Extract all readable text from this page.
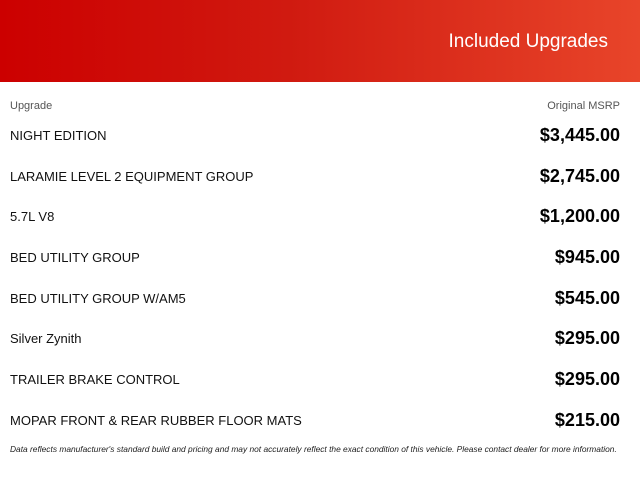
Included Upgrades
Upgrade	Original MSRP
NIGHT EDITION	$3,445.00
LARAMIE LEVEL 2 EQUIPMENT GROUP	$2,745.00
5.7L V8	$1,200.00
BED UTILITY GROUP	$945.00
BED UTILITY GROUP W/AM5	$545.00
Silver Zynith	$295.00
TRAILER BRAKE CONTROL	$295.00
MOPAR FRONT & REAR RUBBER FLOOR MATS	$215.00
Data reflects manufacturer's standard build and pricing and may not accurately reflect the exact condition of this vehicle. Please contact dealer for more information.
